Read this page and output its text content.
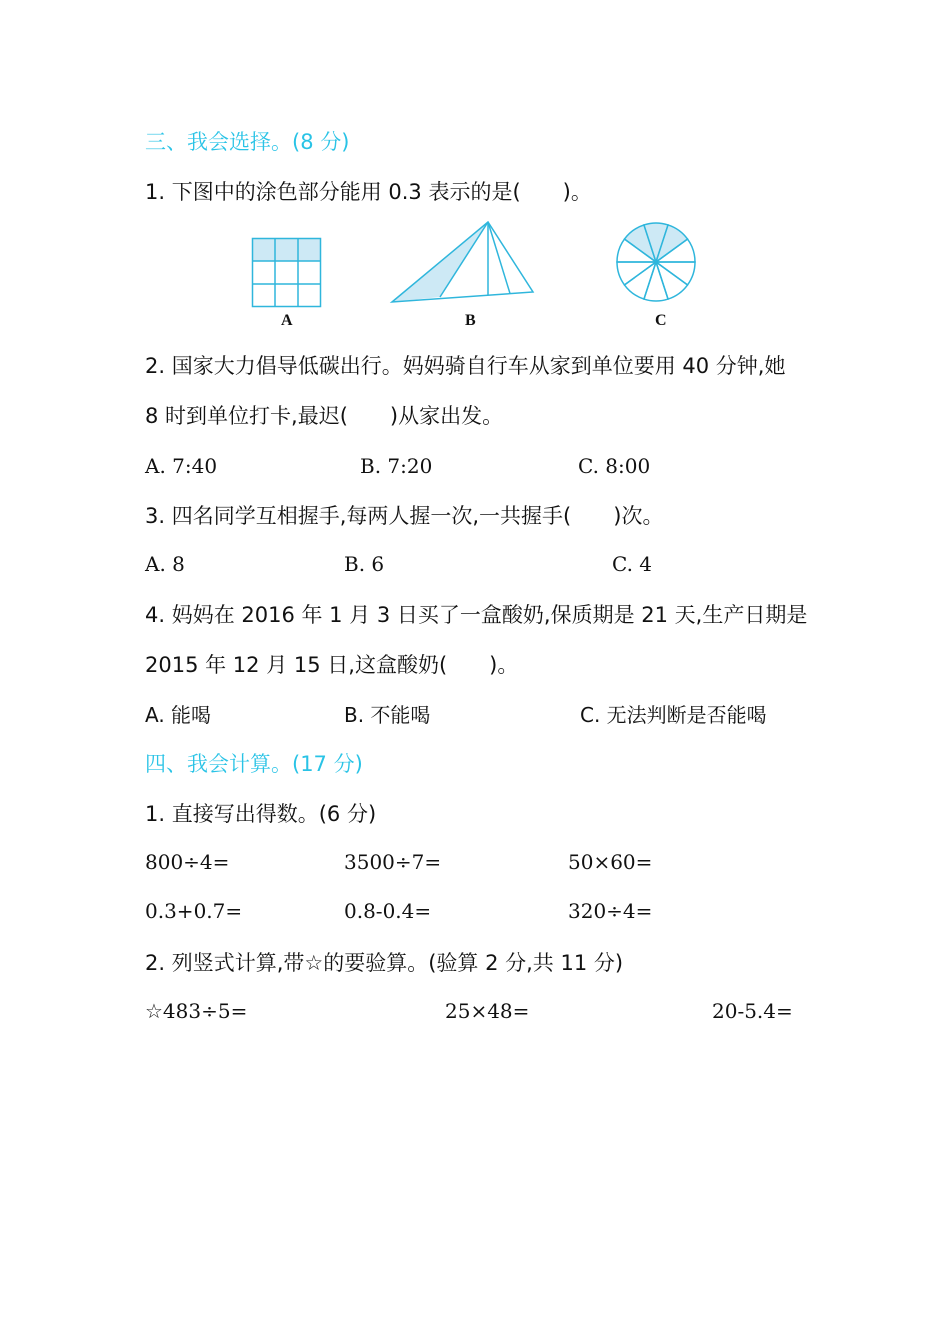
三、我会选择。(8 分)
1. 下图中的涂色部分能用 0.3 表示的是(　　)。
A	B	C
2. 国家大力倡导低碳出行。妈妈骑自行车从家到单位要用 40 分钟,她
8 时到单位打卡,最迟(　　)从家出发。
A. 7:40	B. 7:20	C. 8:00
3. 四名同学互相握手,每两人握一次,一共握手(　　)次。
A. 8	B. 6	C. 4
4. 妈妈在 2016 年 1 月 3 日买了一盒酸奶,保质期是 21 天,生产日期是
2015 年 12 月 15 日,这盒酸奶(　　)。
A. 能喝	B. 不能喝	C. 无法判断是否能喝
四、我会计算。(17 分)
1. 直接写出得数。(6 分)
800÷4=	3500÷7=	50×60=
0.3+0.7=	0.8-0.4=	320÷4=
2. 列竖式计算,带☆的要验算。(验算 2 分,共 11 分)
☆483÷5=	25×48=	20-5.4=
